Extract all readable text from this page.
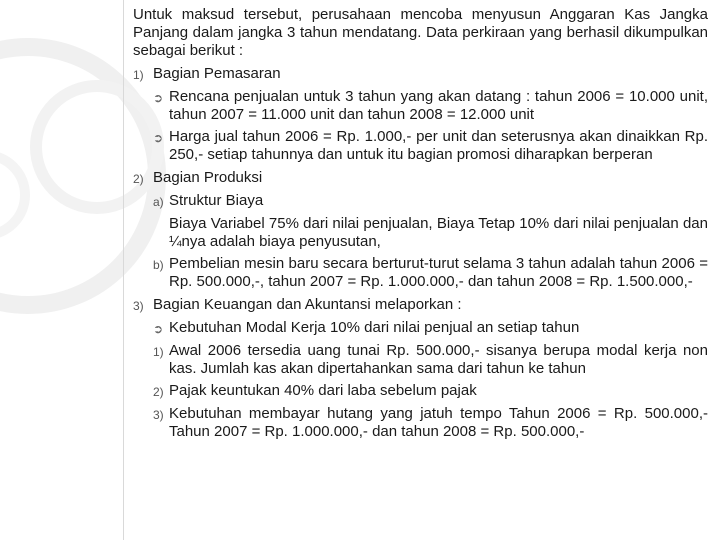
Untuk maksud tersebut, perusahaan mencoba menyusun Anggaran Kas Jangka Panjang dalam jangka 3 tahun mendatang. Data perkiraan yang berhasil dikumpulkan sebagai berikut :
1) Bagian Pemasaran
➲ Rencana penjualan untuk 3 tahun yang akan datang : tahun 2006 = 10.000 unit, tahun 2007 = 11.000 unit dan tahun 2008 = 12.000 unit
➲ Harga jual tahun 2006 = Rp. 1.000,- per unit dan seterusnya akan dinaikkan Rp. 250,- setiap tahunnya dan untuk itu bagian promosi diharapkan berperan
2) Bagian Produksi
a) Struktur Biaya
Biaya Variabel 75% dari nilai penjualan, Biaya Tetap 10% dari nilai penjualan dan ¼nya adalah biaya penyusutan,
b) Pembelian mesin baru secara berturut-turut selama 3 tahun adalah tahun 2006 = Rp. 500.000,-, tahun 2007 = Rp. 1.000.000,- dan tahun 2008 = Rp. 1.500.000,-
3) Bagian Keuangan dan Akuntansi melaporkan :
➲ Kebutuhan Modal Kerja 10% dari nilai penjual an setiap tahun
1) Awal 2006 tersedia uang tunai Rp. 500.000,- sisanya berupa modal kerja non kas. Jumlah kas akan dipertahankan sama dari tahun ke tahun
2) Pajak keuntukan 40% dari laba sebelum pajak
3) Kebutuhan membayar hutang yang jatuh tempo Tahun 2006 = Rp. 500.000,-Tahun 2007 = Rp. 1.000.000,- dan tahun 2008 = Rp. 500.000,-
